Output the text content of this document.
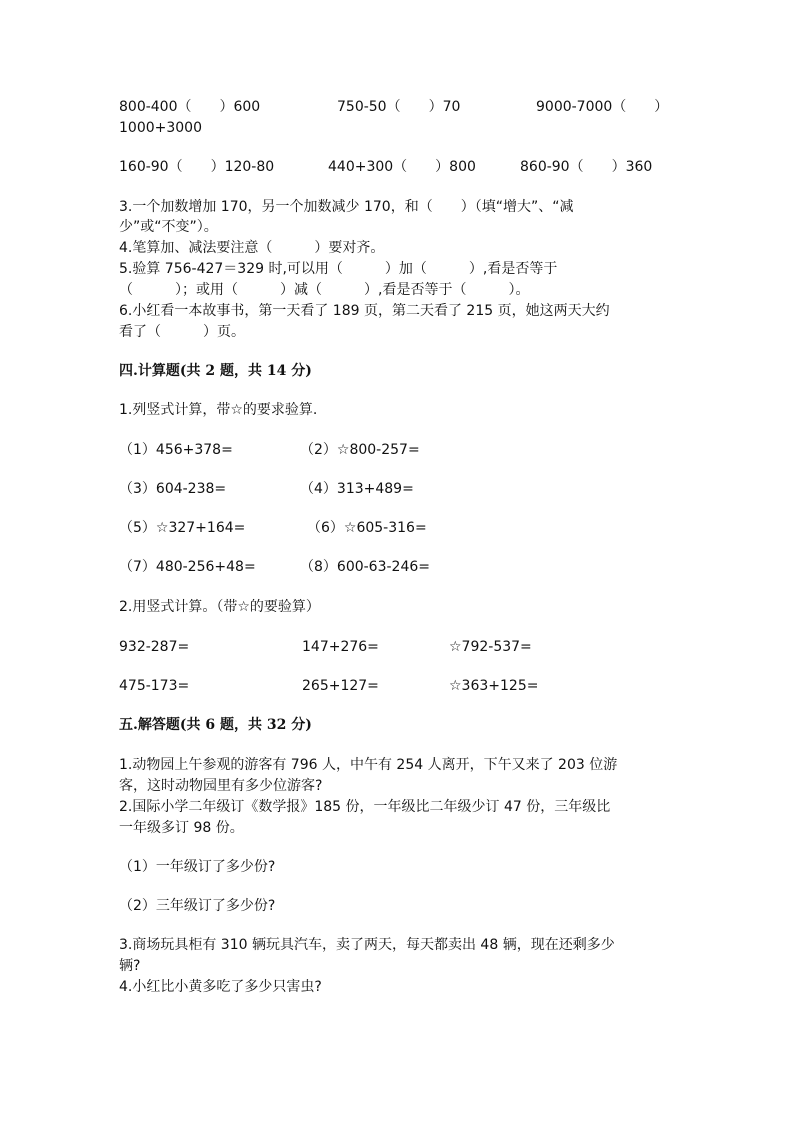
800-400（　　）600	750-50（　　）70	9000-7000（　　）
1000+3000
160-90（　　）120-80	440+300（　　）800	860-90（　　）360
3.一个加数增加 170，另一个加数减少 170，和（　　）（填“增大”、“减
少”或“不变”）。
4.笔算加、减法要注意（　　　）要对齐。
5.验算 756-427＝329 时,可以用（　　　）加（　　　）,看是否等于
（　　　）；或用（　　　）减（　　　）,看是否等于（　　　）。
6.小红看一本故事书，第一天看了 189 页，第二天看了 215 页，她这两天大约
看了（　　　）页。
四.计算题(共 2 题，共 14 分)
1.列竖式计算，带☆的要求验算.
（1）456+378=	（2）☆800-257=
（3）604-238=	（4）313+489=
（5）☆327+164=	（6）☆605-316=
（7）480-256+48=	（8）600-63-246=
2.用竖式计算。（带☆的要验算）
932-287=	147+276=	☆792-537=
475-173=	265+127=	☆363+125=
五.解答题(共 6 题，共 32 分)
1.动物园上午参观的游客有 796 人，中午有 254 人离开，下午又来了 203 位游
客，这时动物园里有多少位游客?
2.国际小学二年级订《数学报》185 份，一年级比二年级少订 47 份，三年级比
一年级多订 98 份。
（1）一年级订了多少份?
（2）三年级订了多少份?
3.商场玩具柜有 310 辆玩具汽车，卖了两天，每天都卖出 48 辆，现在还剩多少
辆?
4.小红比小黄多吃了多少只害虫?
